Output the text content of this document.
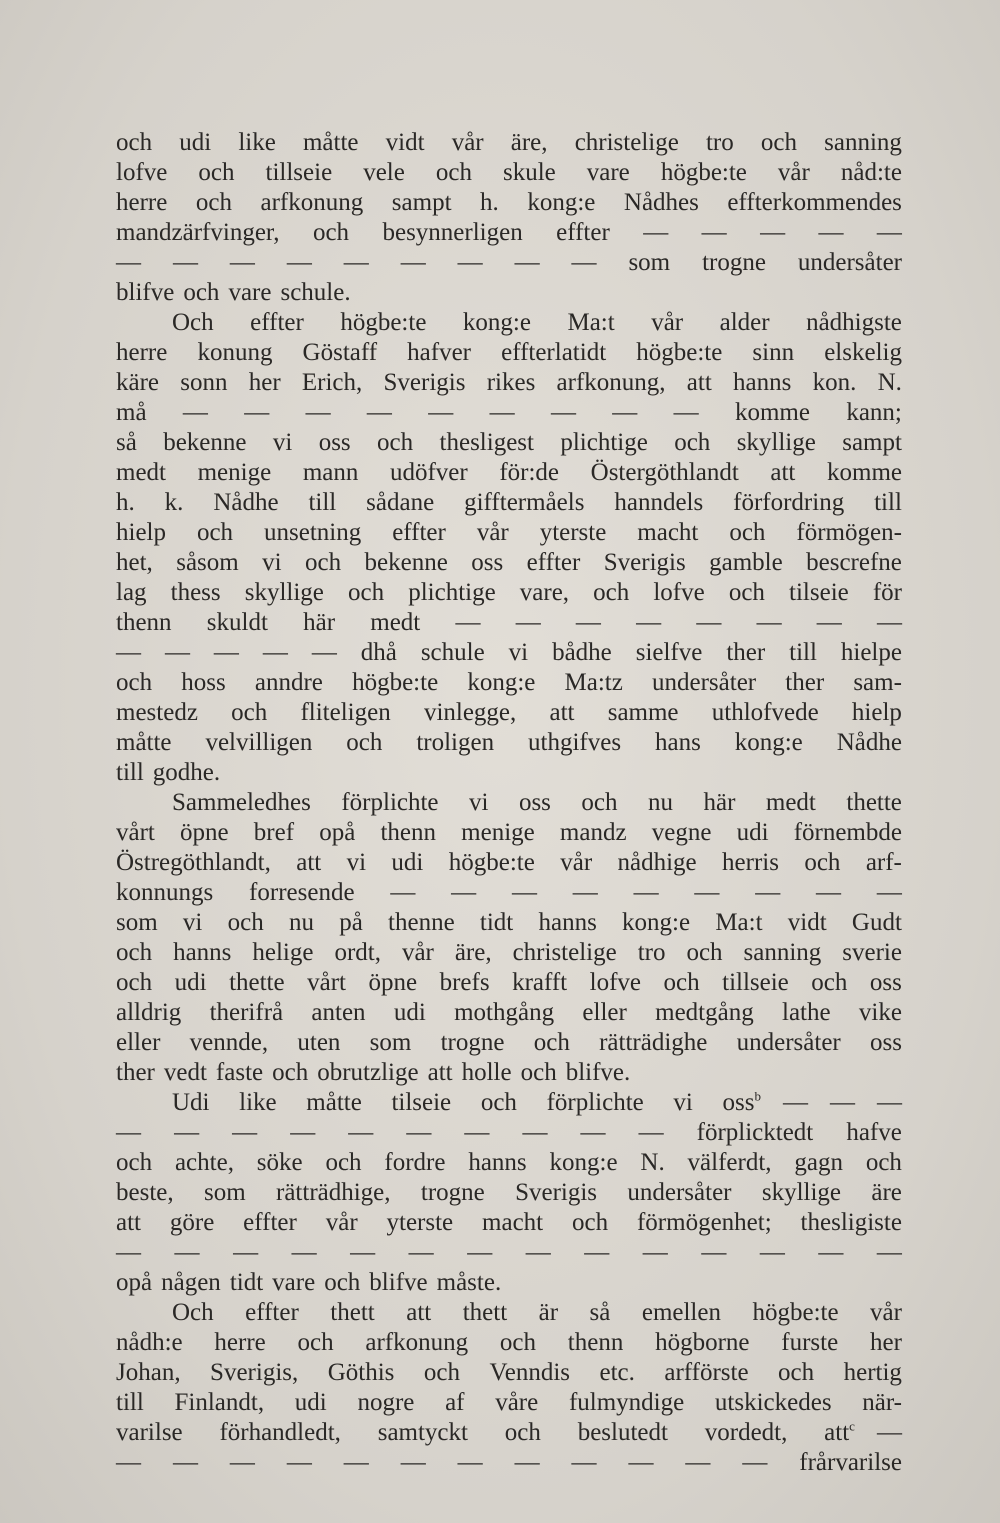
och udi like måtte vidt vår äre, christelige tro och sanning
lofve och tillseie vele och skule vare högbe:te vår nåd:te
herre och arfkonung sampt h. kong:e Nådhes effterkommendes
mandzärfvinger, och besynnerligen effter — — — — —
— — — — — — — — — som trogne undersåter
blifve och vare schule.
Och effter högbe:te kong:e Ma:t vår alder nådhigste
herre konung Göstaff hafver effterlatidt högbe:te sinn elskelig
käre sonn her Erich, Sverigis rikes arfkonung, att hanns kon. N.
må — — — — — — — — — komme kann;
så bekenne vi oss och thesligest plichtige och skyllige sampt
medt menige mann udöfver för:de Östergöthlandt att komme
h. k. Nådhe till sådane gifftermåels hanndels förfordring till
hielp och unsetning effter vår yterste macht och förmögen-
het, såsom vi och bekenne oss effter Sverigis gamble bescrefne
lag thess skyllige och plichtige vare, och lofve och tilseie för
thenn skuldt här medt — — — — — — — —
— — — — — dhå schule vi bådhe sielfve ther till hielpe
och hoss anndre högbe:te kong:e Ma:tz undersåter ther sam-
mestedz och fliteligen vinlegge, att samme uthlofvede hielp
måtte velvilligen och troligen uthgifves hans kong:e Nådhe
till godhe.
Sammeledhes förplichte vi oss och nu här medt thette
vårt öpne bref opå thenn menige mandz vegne udi förnembde
Östregöthlandt, att vi udi högbe:te vår nådhige herris och arf-
konnungs forresende — — — — — — — — —
som vi och nu på thenne tidt hanns kong:e Ma:t vidt Gudt
och hanns helige ordt, vår äre, christelige tro och sanning sverie
och udi thette vårt öpne brefs krafft lofve och tillseie och oss
alldrig therifrå anten udi mothgång eller medtgång lathe vike
eller vennde, uten som trogne och rätträdighe undersåter oss
ther vedt faste och obrutzlige att holle och blifve.
Udi like måtte tilseie och förplichte vi oss$^b$ — — —
— — — — — — — — — — förplicktedt hafve
och achte, söke och fordre hanns kong:e N. välferdt, gagn och
beste, som rätträdhige, trogne Sverigis undersåter skyllige äre
att göre effter vår yterste macht och förmögenhet; thesligiste
— — — — — — — — — — — — — —
opå någen tidt vare och blifve måste.
Och effter thett att thett är så emellen högbe:te vår
nådh:e herre och arfkonung och thenn högborne furste her
Johan, Sverigis, Göthis och Venndis etc. arfförste och hertig
till Finlandt, udi nogre af våre fulmyndige utskickedes när-
varilse förhandledt, samtyckt och beslutedt vordedt, att$^c$ —
— — — — — — — — — — — — frårvarilse
